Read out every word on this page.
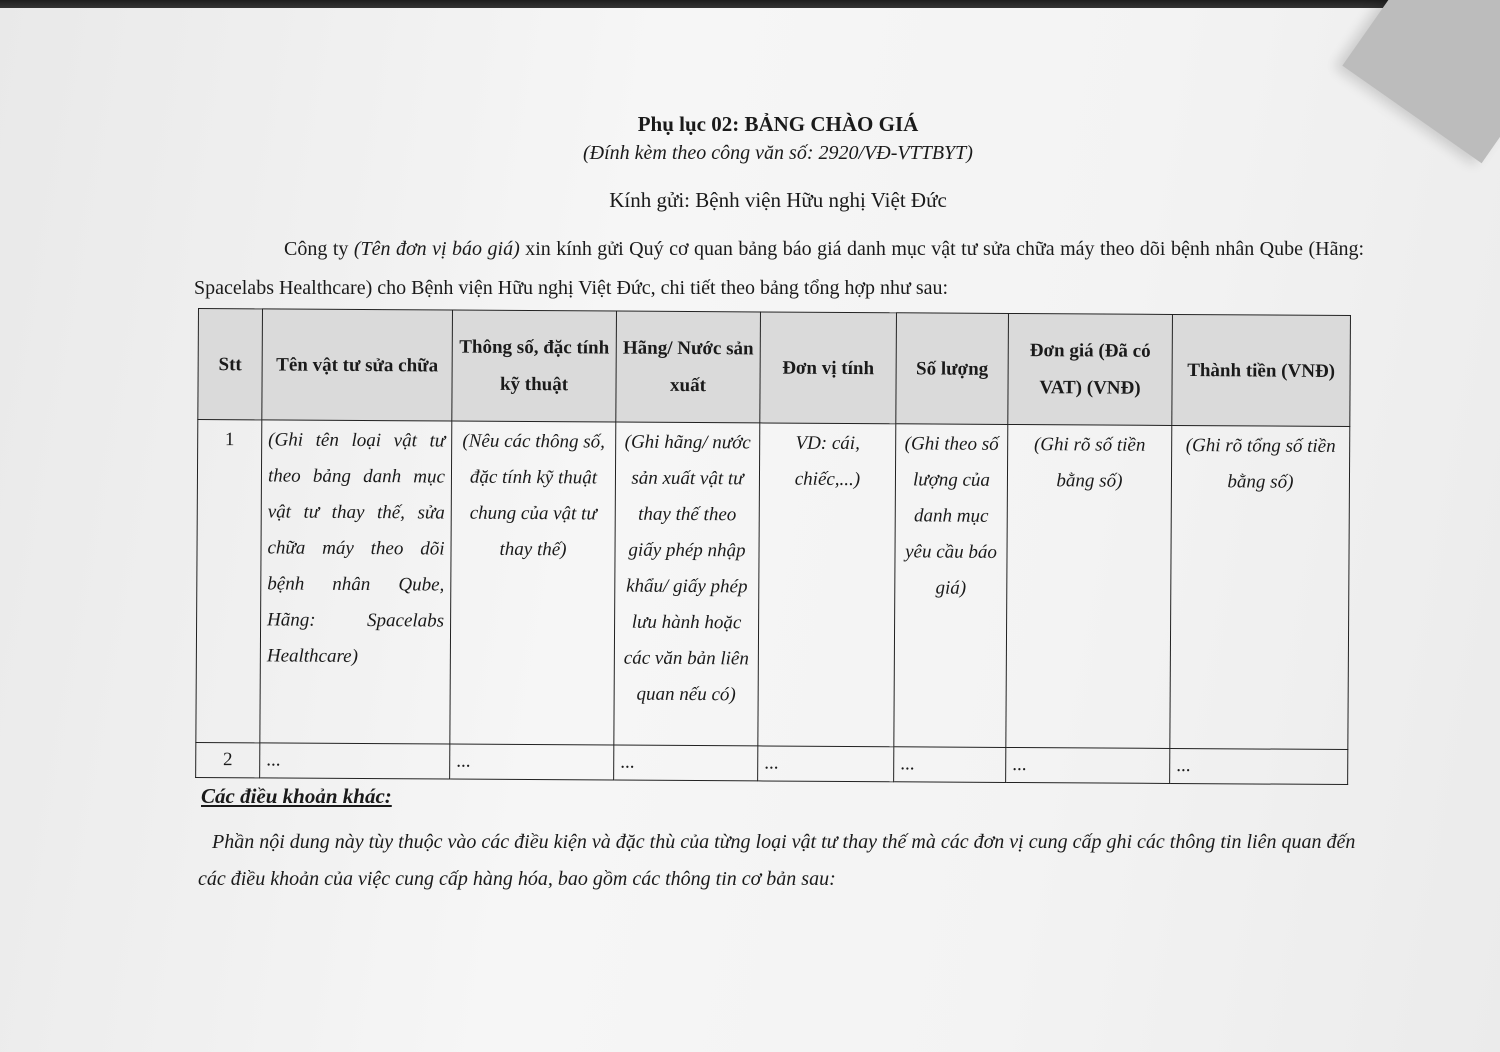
Phụ lục 02: BẢNG CHÀO GIÁ
(Đính kèm theo công văn số: 2920/VĐ-VTTBYT)
Kính gửi: Bệnh viện Hữu nghị Việt Đức

Công ty (Tên đơn vị báo giá) xin kính gửi Quý cơ quan bảng báo giá danh mục vật tư sửa chữa máy theo dõi bệnh nhân Qube (Hãng: Spacelabs Healthcare) cho Bệnh viện Hữu nghị Việt Đức, chi tiết theo bảng tổng hợp như sau:

Stt	Tên vật tư sửa chữa	Thông số, đặc tính kỹ thuật	Hãng/ Nước sản xuất	Đơn vị tính	Số lượng	Đơn giá (Đã có VAT) (VNĐ)	Thành tiền (VNĐ)
1	(Ghi tên loại vật tư theo bảng danh mục vật tư thay thế, sửa chữa máy theo dõi bệnh nhân Qube, Hãng: Spacelabs Healthcare)	(Nêu các thông số, đặc tính kỹ thuật chung của vật tư thay thế)	(Ghi hãng/ nước sản xuất vật tư thay thế theo giấy phép nhập khẩu/ giấy phép lưu hành hoặc các văn bản liên quan nếu có)	VD: cái, chiếc,...)	(Ghi theo số lượng của danh mục yêu cầu báo giá)	(Ghi rõ số tiền bằng số)	(Ghi rõ tổng số tiền bằng số)
2	...	...	...	...	...	...	...
Các điều khoản khác:

Phần nội dung này tùy thuộc vào các điều kiện và đặc thù của từng loại vật tư thay thế mà các đơn vị cung cấp ghi các thông tin liên quan đến các điều khoản của việc cung cấp hàng hóa, bao gồm các thông tin cơ bản sau:
